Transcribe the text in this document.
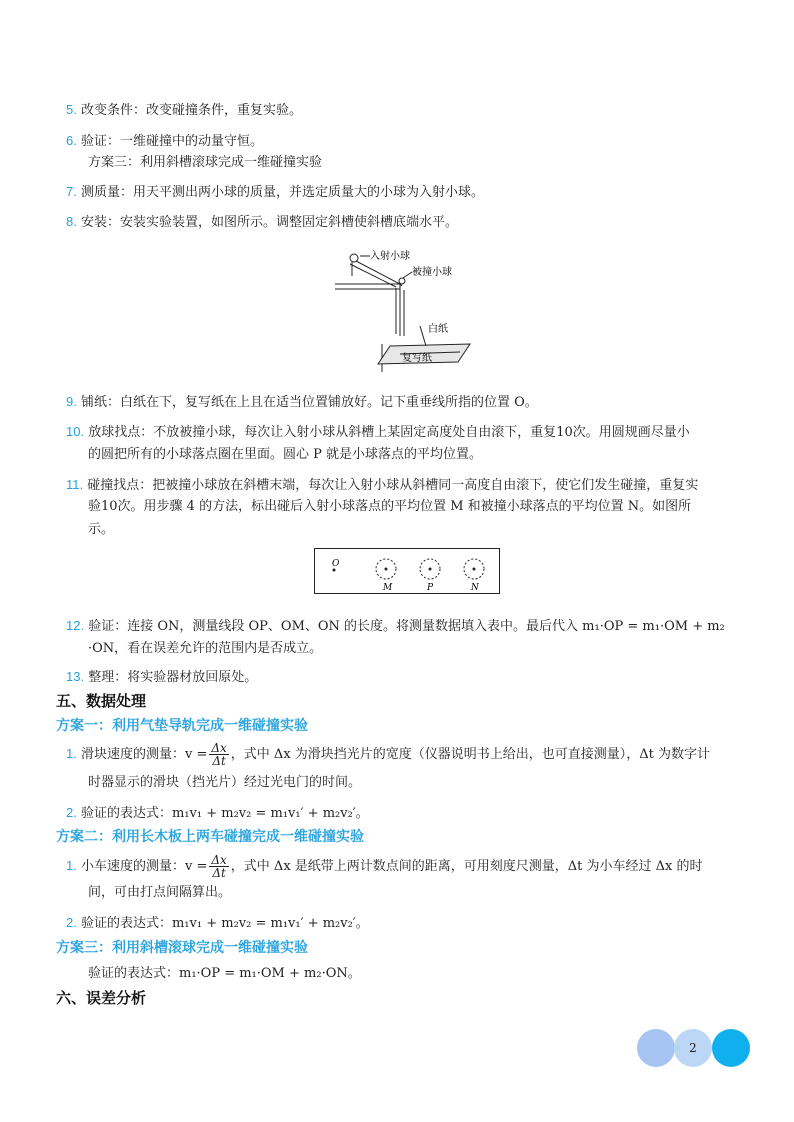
5. 改变条件：改变碰撞条件，重复实验。
6. 验证：一维碰撞中的动量守恒。
方案三：利用斜槽滚球完成一维碰撞实验
7. 测质量：用天平测出两小球的质量，并选定质量大的小球为入射小球。
8. 安装：安装实验装置，如图所示。调整固定斜槽使斜槽底端水平。
入射小球
被撞小球
白纸
复写纸
9. 铺纸：白纸在下，复写纸在上且在适当位置铺放好。记下重垂线所指的位置 O。
10. 放球找点：不放被撞小球，每次让入射小球从斜槽上某固定高度处自由滚下，重复10次。用圆规画尽量小
的圆把所有的小球落点圈在里面。圆心 P 就是小球落点的平均位置。
11. 碰撞找点：把被撞小球放在斜槽末端，每次让入射小球从斜槽同一高度自由滚下，使它们发生碰撞，重复实
验10次。用步骤 4 的方法，标出碰后入射小球落点的平均位置 M 和被撞小球落点的平均位置 N。如图所
示。
O
M	P	N
12. 验证：连接 ON，测量线段 OP、OM、ON 的长度。将测量数据填入表中。最后代入 m₁·OP = m₁·OM + m₂
·ON，看在误差允许的范围内是否成立。
13. 整理：将实验器材放回原处。
五、数据处理
方案一：利用气垫导轨完成一维碰撞实验
1. 滑块速度的测量：$v = \frac{\Delta x}{\Delta t}$ ，式中 Δx 为滑块挡光片的宽度（仪器说明书上给出，也可直接测量），Δt 为数字计
时器显示的滑块（挡光片）经过光电门的时间。
2. 验证的表达式：m₁v₁ + m₂v₂ = m₁v₁′ + m₂v₂′。
方案二：利用长木板上两车碰撞完成一维碰撞实验
1. 小车速度的测量：$v = \frac{\Delta x}{\Delta t}$ ，式中 Δx 是纸带上两计数点间的距离，可用刻度尺测量，Δt 为小车经过 Δx 的时
间，可由打点间隔算出。
2. 验证的表达式：m₁v₁ + m₂v₂ = m₁v₁′ + m₂v₂′。
方案三：利用斜槽滚球完成一维碰撞实验
验证的表达式：m₁·OP = m₁·OM + m₂·ON。
六、误差分析
2
